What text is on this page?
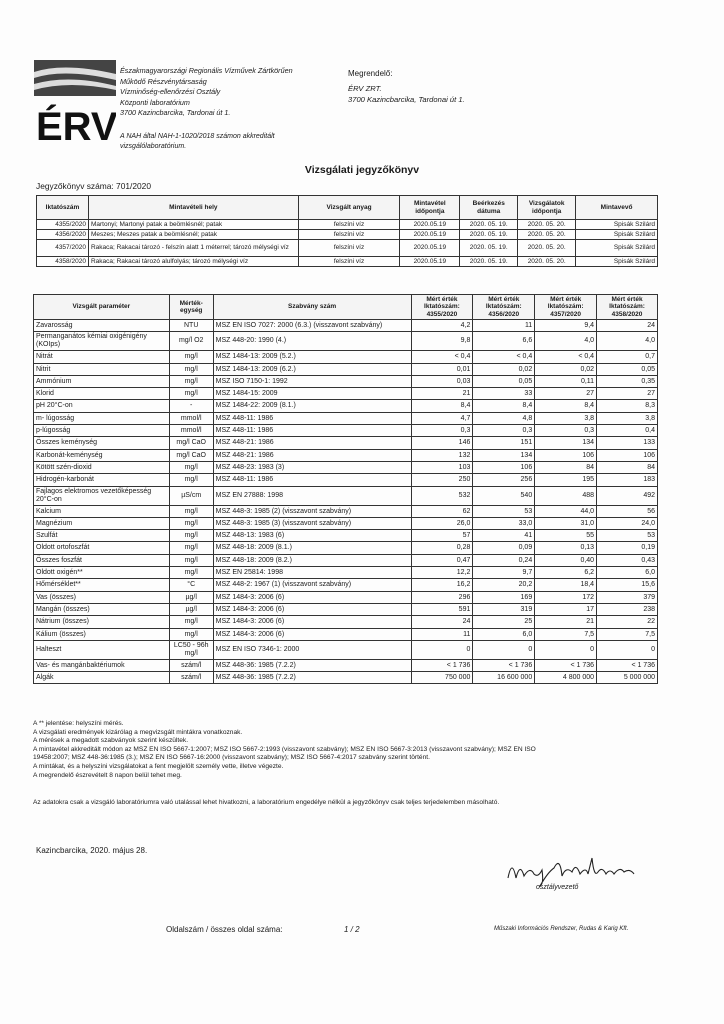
ÉRV
Északmagyarországi Regionális Vízművek Zártkörűen
Működő Részvénytársaság
Vízminőség-ellenőrzési Osztály
Központi laboratórium
3700 Kazincbarcika, Tardonai út 1.
A NAH által NAH-1-1020/2018 számon akkreditált
vizsgálólaboratórium.
Megrendelő:
ÉRV ZRT.
3700 Kazincbarcika, Tardonai út 1.
Vizsgálati jegyzőkönyv
Jegyzőkönyv száma: 701/2020
Iktatószám	Mintavételi hely	Vizsgált anyag	Mintavétel időpontja	Beérkezés dátuma	Vizsgálatok időpontja	Mintavevő
4355/2020	Martonyi; Martonyi patak a beömlésnél; patak	felszíni víz	2020.05.19	2020. 05. 19.	2020. 05. 20.	Spisák Szilárd
4356/2020	Meszes; Meszes patak a beömlésnél; patak	felszíni víz	2020.05.19	2020. 05. 19.	2020. 05. 20.	Spisák Szilárd
4357/2020	Rakaca; Rakacai tározó - felszín alatt 1 méterrel; tározó mélységi víz	felszíni víz	2020.05.19	2020. 05. 19.	2020. 05. 20.	Spisák Szilárd
4358/2020	Rakaca; Rakacai tározó alulfolyás; tározó mélységi víz	felszíni víz	2020.05.19	2020. 05. 19.	2020. 05. 20.	Spisák Szilárd
Vizsgált paraméter	Mérték-egység	Szabvány szám	Mért érték Iktatószám: 4355/2020	Mért érték Iktatószám: 4356/2020	Mért érték Iktatószám: 4357/2020	Mért érték Iktatószám: 4358/2020
Zavarosság	NTU	MSZ EN ISO 7027: 2000 (6.3.) (visszavont szabvány)	4,2	11	9,4	24
Permanganátos kémiai oxigénigény (KOIps)	mg/l O2	MSZ 448-20: 1990 (4.)	9,8	6,6	4,0	4,0
Nitrát	mg/l	MSZ 1484-13: 2009 (5.2.)	< 0,4	< 0,4	< 0,4	0,7
Nitrit	mg/l	MSZ 1484-13: 2009 (6.2.)	0,01	0,02	0,02	0,05
Ammónium	mg/l	MSZ ISO 7150-1: 1992	0,03	0,05	0,11	0,35
Klorid	mg/l	MSZ 1484-15: 2009	21	33	27	27
pH 20°C-on	-	MSZ 1484-22: 2009 (8.1.)	8,4	8,4	8,4	8,3
m- lúgosság	mmol/l	MSZ 448-11: 1986	4,7	4,8	3,8	3,8
p-lúgosság	mmol/l	MSZ 448-11: 1986	0,3	0,3	0,3	0,4
Összes keménység	mg/l CaO	MSZ 448-21: 1986	146	151	134	133
Karbonát-keménység	mg/l CaO	MSZ 448-21: 1986	132	134	106	106
Kötött szén-dioxid	mg/l	MSZ 448-23: 1983 (3)	103	106	84	84
Hidrogén-karbonát	mg/l	MSZ 448-11: 1986	250	256	195	183
Fajlagos elektromos vezetőképesség 20°C-on	µS/cm	MSZ EN 27888: 1998	532	540	488	492
Kalcium	mg/l	MSZ 448-3: 1985 (2) (visszavont szabvány)	62	53	44,0	56
Magnézium	mg/l	MSZ 448-3: 1985 (3) (visszavont szabvány)	26,0	33,0	31,0	24,0
Szulfát	mg/l	MSZ 448-13: 1983 (6)	57	41	55	53
Oldott ortofoszfát	mg/l	MSZ 448-18: 2009 (8.1.)	0,28	0,09	0,13	0,19
Összes foszfát	mg/l	MSZ 448-18: 2009 (8.2.)	0,47	0,24	0,40	0,43
Oldott oxigén**	mg/l	MSZ EN 25814: 1998	12,2	9,7	6,2	6,0
Hőmérséklet**	°C	MSZ 448-2: 1967 (1) (visszavont szabvány)	16,2	20,2	18,4	15,6
Vas (összes)	µg/l	MSZ 1484-3: 2006 (6)	296	169	172	379
Mangán (összes)	µg/l	MSZ 1484-3: 2006 (6)	591	319	17	238
Nátrium (összes)	mg/l	MSZ 1484-3: 2006 (6)	24	25	21	22
Kálium (összes)	mg/l	MSZ 1484-3: 2006 (6)	11	6,0	7,5	7,5
Halteszt	LC50 - 96h mg/l	MSZ EN ISO 7346-1: 2000	0	0	0	0
Vas- és mangánbaktériumok	szám/l	MSZ 448-36: 1985 (7.2.2)	< 1 736	< 1 736	< 1 736	< 1 736
Algák	szám/l	MSZ 448-36: 1985 (7.2.2)	750 000	16 600 000	4 800 000	5 000 000
A ** jelentése: helyszíni mérés.
A vizsgálati eredmények kizárólag a megvizsgált mintákra vonatkoznak.
A mérések a megadott szabványok szerint készültek.
A mintavétel akkreditált módon az MSZ EN ISO 5667-1:2007; MSZ ISO 5667-2:1993 (visszavont szabvány); MSZ EN ISO 5667-3:2013 (visszavont szabvány); MSZ EN ISO
19458:2007; MSZ 448-36:1985 (3.); MSZ EN ISO 5667-16:2000 (visszavont szabvány); MSZ ISO 5667-4:2017 szabvány szerint történt.
A mintákat, és a helyszíni vizsgálatokat a fent megjelölt személy vette, illetve végezte.
A megrendelő észrevételt 8 napon belül tehet meg.
Az adatokra csak a vizsgáló laboratóriumra való utalással lehet hivatkozni, a laboratórium engedélye nélkül a jegyzőkönyv csak teljes terjedelemben másolható.
Kazincbarcika, 2020. május 28.
osztályvezető
Oldalszám / összes oldal száma:	1 / 2	Műszaki Információs Rendszer, Rudas & Karig Kft.
